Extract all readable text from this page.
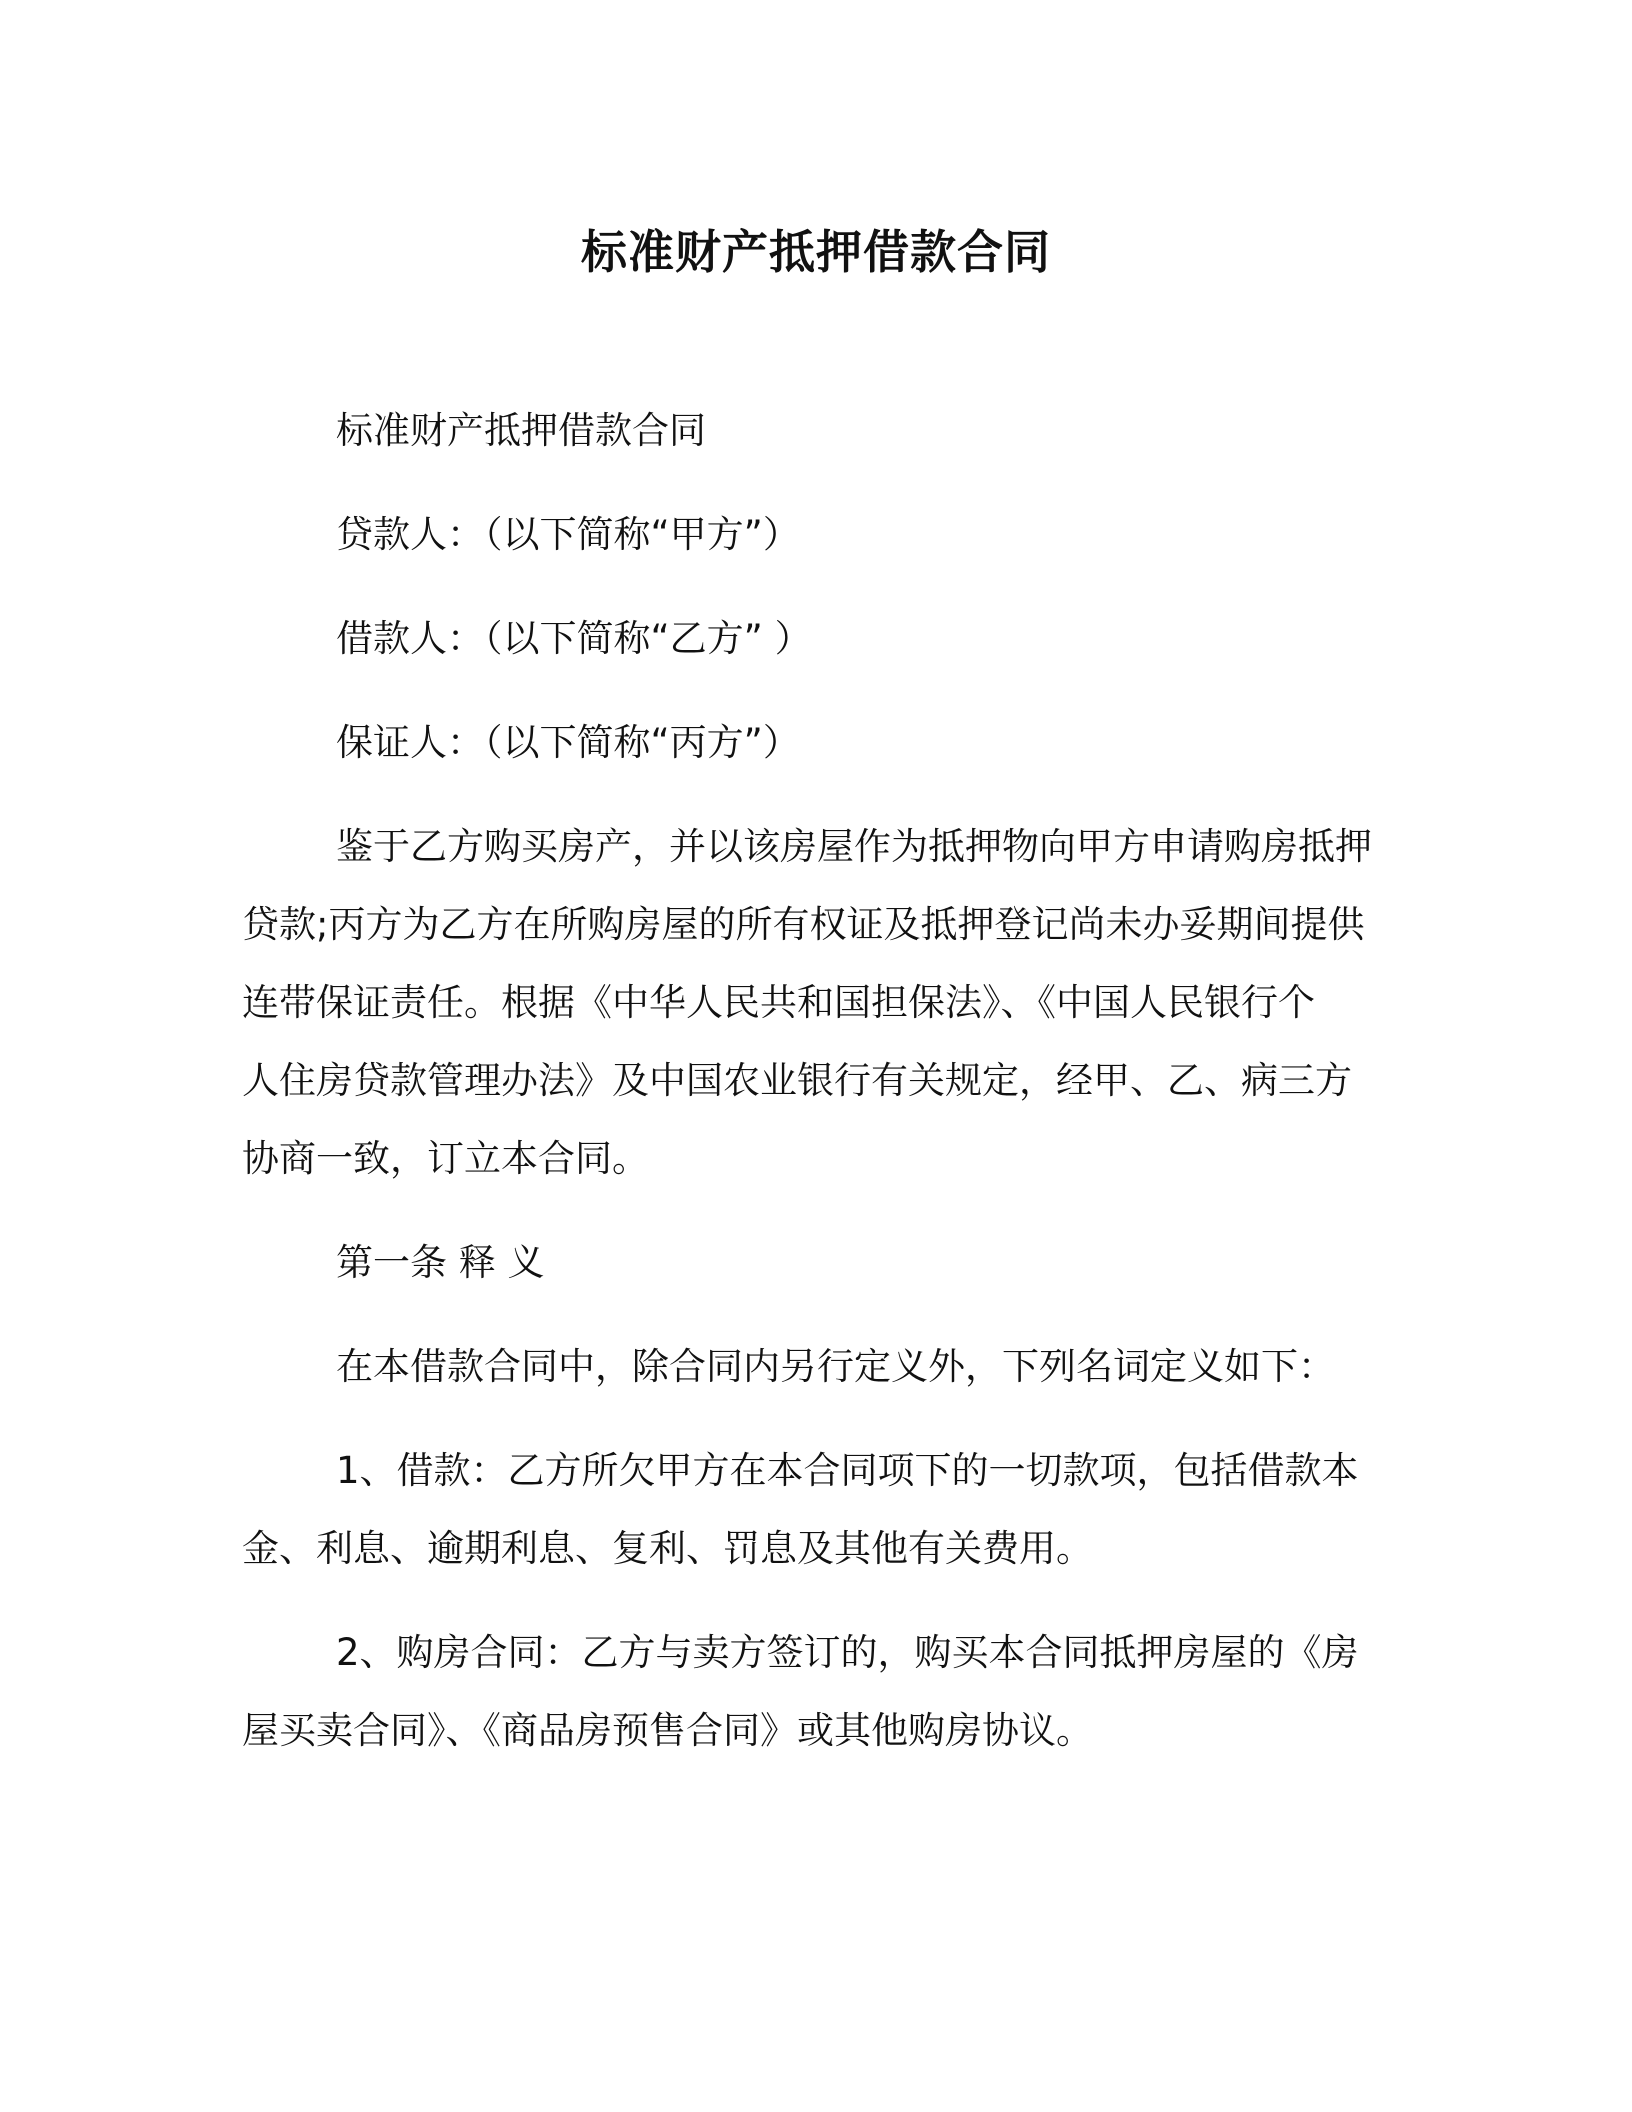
标准财产抵押借款合同
标准财产抵押借款合同
贷款人：（以下简称“甲方”）
借款人：（以下简称“乙方” ）
保证人：（以下简称“丙方”）
鉴于乙方购买房产，并以该房屋作为抵押物向甲方申请购房抵押
贷款;丙方为乙方在所购房屋的所有权证及抵押登记尚未办妥期间提供
连带保证责任。根据《中华人民共和国担保法》、《中国人民银行个
人住房贷款管理办法》及中国农业银行有关规定，经甲、乙、病三方
协商一致，订立本合同。
第一条 释 义
在本借款合同中，除合同内另行定义外，下列名词定义如下：
1、借款：乙方所欠甲方在本合同项下的一切款项，包括借款本
金、利息、逾期利息、复利、罚息及其他有关费用。
2、购房合同：乙方与卖方签订的，购买本合同抵押房屋的《房
屋买卖合同》、《商品房预售合同》或其他购房协议。
